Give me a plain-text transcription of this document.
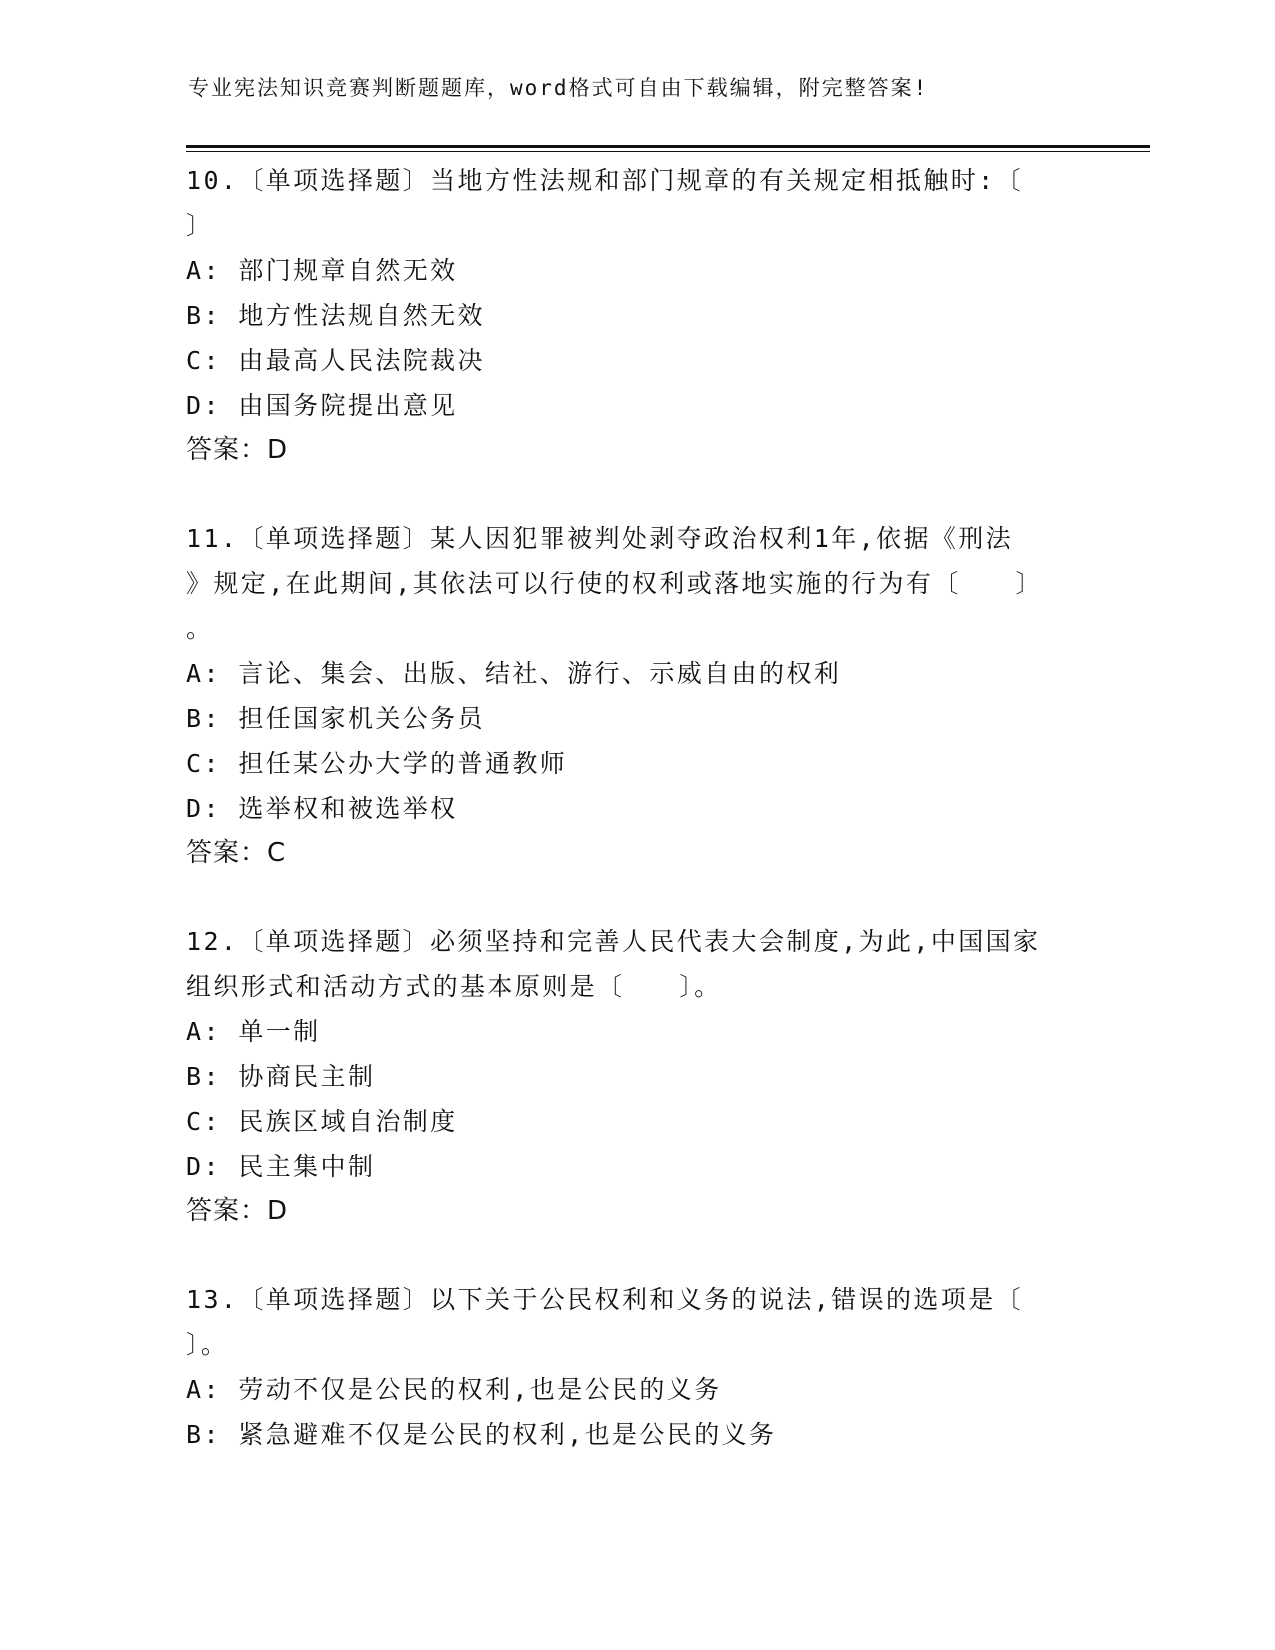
专业宪法知识竞赛判断题题库，word格式可自由下载编辑，附完整答案!

10.〔单项选择题〕当地方性法规和部门规章的有关规定相抵触时:〔

〕

A: 部门规章自然无效

B: 地方性法规自然无效

C: 由最高人民法院裁决

D: 由国务院提出意见

答案：D

11.〔单项选择题〕某人因犯罪被判处剥夺政治权利1年,依据《刑法

》规定,在此期间,其依法可以行使的权利或落地实施的行为有〔　　〕

。

A: 言论、集会、出版、结社、游行、示威自由的权利

B: 担任国家机关公务员

C: 担任某公办大学的普通教师

D: 选举权和被选举权

答案：C

12.〔单项选择题〕必须坚持和完善人民代表大会制度,为此,中国国家

组织形式和活动方式的基本原则是〔　　〕。

A: 单一制

B: 协商民主制

C: 民族区域自治制度

D: 民主集中制

答案：D

13.〔单项选择题〕以下关于公民权利和义务的说法,错误的选项是〔

〕。

A: 劳动不仅是公民的权利,也是公民的义务

B: 紧急避难不仅是公民的权利,也是公民的义务
